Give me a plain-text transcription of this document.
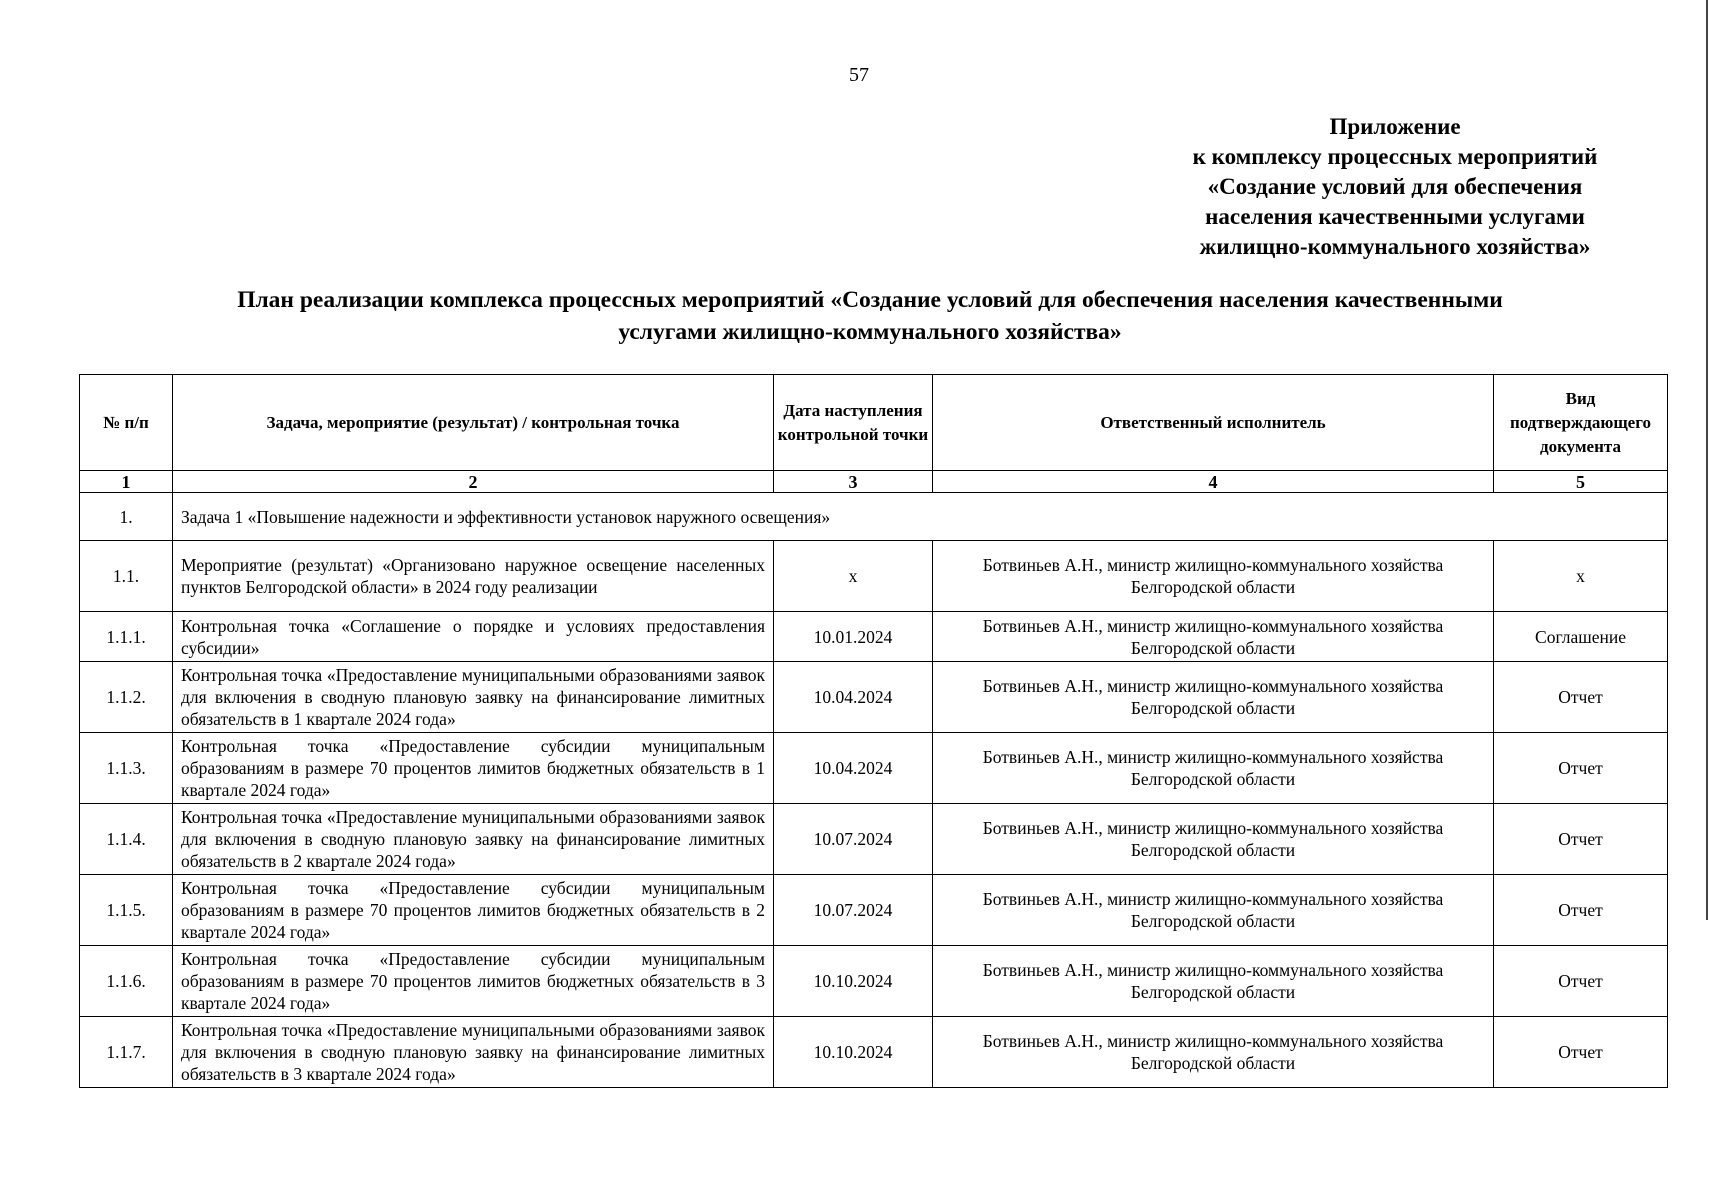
57
Приложение
к комплексу процессных мероприятий
«Создание условий для обеспечения
населения качественными услугами
жилищно-коммунального хозяйства»
План реализации комплекса процессных мероприятий «Создание условий для обеспечения населения качественными
услугами жилищно-коммунального хозяйства»
№ п/п	Задача, мероприятие (результат) / контрольная точка	Дата наступления контрольной точки	Ответственный исполнитель	Вид подтверждающего документа
1	2	3	4	5
1.	Задача 1 «Повышение надежности и эффективности установок наружного освещения»			
1.1.	Мероприятие (результат) «Организовано наружное освещение населенных пунктов Белгородской области» в 2024 году реализации	х	Ботвиньев А.Н., министр жилищно-коммунального хозяйства Белгородской области	х
1.1.1.	Контрольная точка «Соглашение о порядке и условиях предоставления субсидии»	10.01.2024	Ботвиньев А.Н., министр жилищно-коммунального хозяйства Белгородской области	Соглашение
1.1.2.	Контрольная точка «Предоставление муниципальными образованиями заявок для включения в сводную плановую заявку на финансирование лимитных обязательств в 1 квартале 2024 года»	10.04.2024	Ботвиньев А.Н., министр жилищно-коммунального хозяйства Белгородской области	Отчет
1.1.3.	Контрольная точка «Предоставление субсидии муниципальным образованиям в размере 70 процентов лимитов бюджетных обязательств в 1 квартале 2024 года»	10.04.2024	Ботвиньев А.Н., министр жилищно-коммунального хозяйства Белгородской области	Отчет
1.1.4.	Контрольная точка «Предоставление муниципальными образованиями заявок для включения в сводную плановую заявку на финансирование лимитных обязательств в 2 квартале 2024 года»	10.07.2024	Ботвиньев А.Н., министр жилищно-коммунального хозяйства Белгородской области	Отчет
1.1.5.	Контрольная точка «Предоставление субсидии муниципальным образованиям в размере 70 процентов лимитов бюджетных обязательств в 2 квартале 2024 года»	10.07.2024	Ботвиньев А.Н., министр жилищно-коммунального хозяйства Белгородской области	Отчет
1.1.6.	Контрольная точка «Предоставление субсидии муниципальным образованиям в размере 70 процентов лимитов бюджетных обязательств в 3 квартале 2024 года»	10.10.2024	Ботвиньев А.Н., министр жилищно-коммунального хозяйства Белгородской области	Отчет
1.1.7.	Контрольная точка «Предоставление муниципальными образованиями заявок для включения в сводную плановую заявку на финансирование лимитных обязательств в 3 квартале 2024 года»	10.10.2024	Ботвиньев А.Н., министр жилищно-коммунального хозяйства Белгородской области	Отчет
